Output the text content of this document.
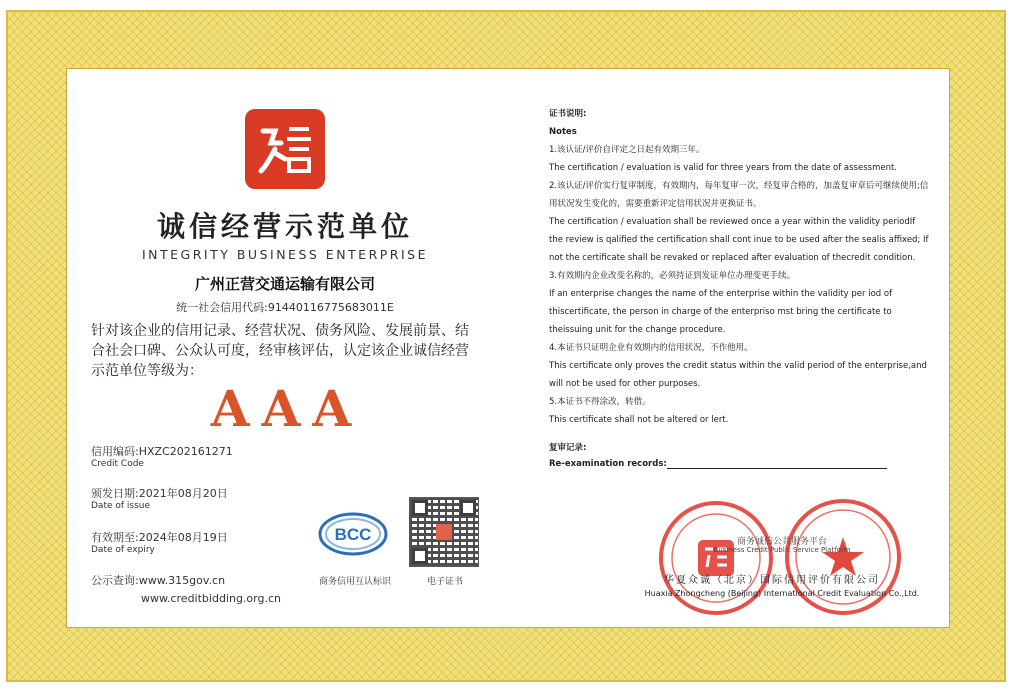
诚信经营示范单位
INTEGRITY BUSINESS ENTERPRISE
广州正营交通运输有限公司
统一社会信用代码:91440116775683011E
针对该企业的信用记录、经营状况、债务风险、发展前景、结合社会口碑、公众认可度，经审核评估，认定该企业诚信经营示范单位等级为：
AAA
信用编码:HXZC202161271
Credit Code
颁发日期:2021年08月20日
Date of issue
有效期至:2024年08月19日
Date of expiry
公示查询:www.315gov.cn
www.creditbidding.org.cn
BCC
商务信用互认标识	电子证书
证书说明:
Notes
1.该认证/评价自评定之日起有效期三年。
The certification / evaluation is valid for three years from the date of assessment.
2.该认证/评价实行复审制度，有效期内，每年复审一次，经复审合格的，加盖复审章后可继续使用;信用状况发生变化的，需要重新评定信用状况并更换证书。
The certification / evaluation shall be reviewed once a year within the validity periodIf the review is qalified the certification shall cont inue to be used after the sealis affixed; If not the certificate shall be revaked or replaced after evaluation of thecredit condition.
3.有效期内企业改变名称的，必须持证到发证单位办理变更手续。
If an enterprise changes the name of the enterprise within the validity per iod of thiscertificate, the person in charge of the enterpriso mst bring the certificate to theissuing unit for the change procedure.
4.本证书只证明企业有效期内的信用状况，不作他用。
This certificate only proves the credit status within the valid period of the enterprise,and will not be used for other purposes.
5.本证书不得涂改，转借。
This certificate shall not be altered or lert.
复审记录:
Re-examination records:
商务诚信公共服务平台
Business Credit Public Service Platform
华夏众诚（北京）国际信用评价有限公司
Huaxia Zhongcheng (Beijing) International Credit Evaluation Co.,Ltd.
